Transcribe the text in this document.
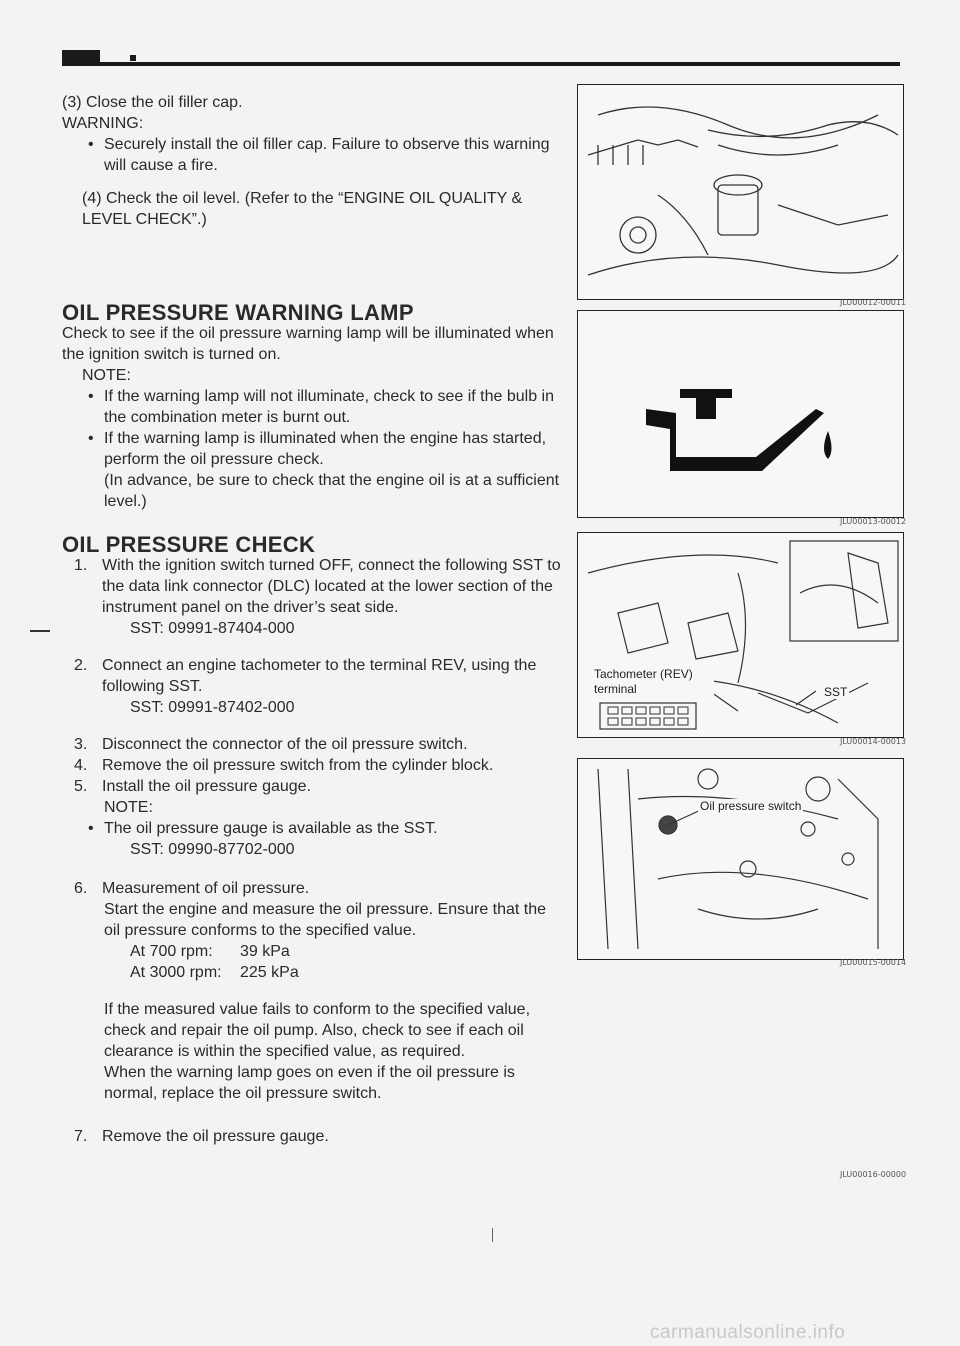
(3) Close the oil filler cap.

WARNING:

• Securely install the oil filler cap. Failure to observe this warning will cause a fire.

(4) Check the oil level. (Refer to the “ENGINE OIL QUALITY & LEVEL CHECK”.)

OIL PRESSURE WARNING LAMP

Check to see if the oil pressure warning lamp will be illuminated when the ignition switch is turned on.

NOTE:

• If the warning lamp will not illuminate, check to see if the bulb in the combination meter is burnt out.

• If the warning lamp is illuminated when the engine has started, perform the oil pressure check.

(In advance, be sure to check that the engine oil is at a sufficient level.)

OIL PRESSURE CHECK

1. With the ignition switch turned OFF, connect the following SST to the data link connector (DLC) located at the lower section of the instrument panel on the driver’s seat side.

SST: 09991-87404-000

2. Connect an engine tachometer to the terminal REV, using the following SST.

SST: 09991-87402-000

3. Disconnect the connector of the oil pressure switch.

4. Remove the oil pressure switch from the cylinder block.

5. Install the oil pressure gauge.

NOTE:

• The oil pressure gauge is available as the SST.

SST: 09990-87702-000

6. Measurement of oil pressure.

Start the engine and measure the oil pressure. Ensure that the oil pressure conforms to the specified value.

At 700 rpm:	39 kPa
At 3000 rpm:	225 kPa

If the measured value fails to conform to the specified value, check and repair the oil pump. Also, check to see if each oil clearance is within the specified value, as required.

When the warning lamp goes on even if the oil pressure is normal, replace the oil pressure switch.

7. Remove the oil pressure gauge.

JLU00012-00011
JLU00013-00012
Tachometer (REV) terminal	SST
JLU00014-00013
Oil pressure switch
JLU00015-00014
JLU00016-00000
carmanualsonline.info
